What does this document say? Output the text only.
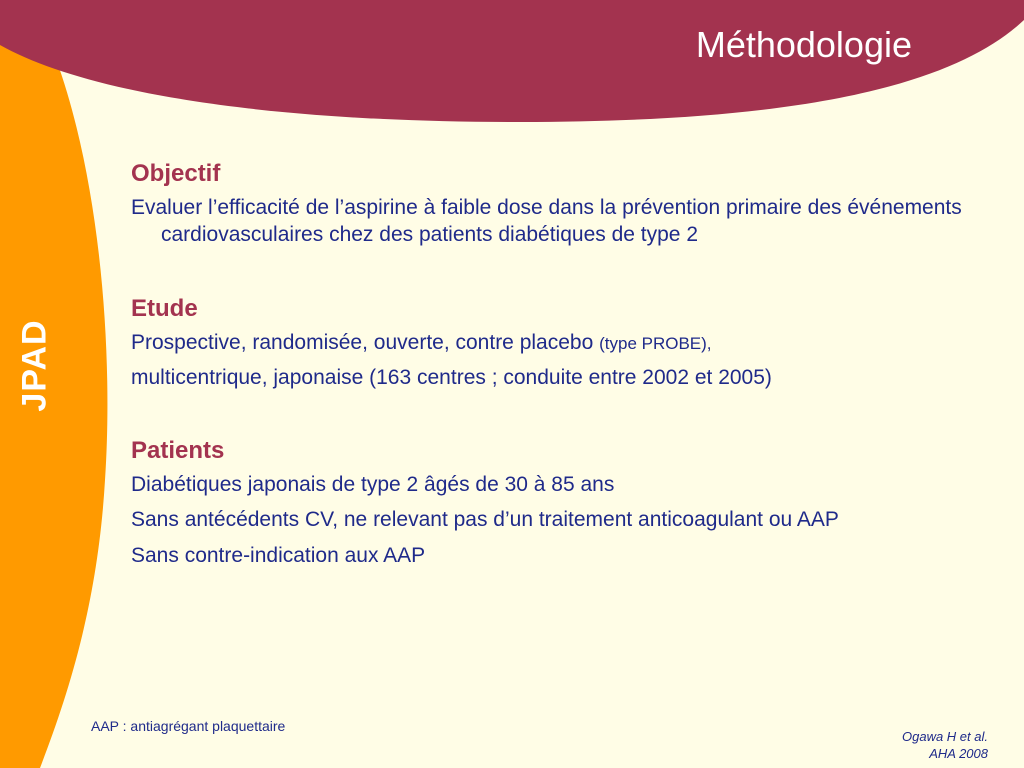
JPAD
Méthodologie
Objectif
Evaluer l’efficacité de l’aspirine à faible dose dans la prévention primaire des événements cardiovasculaires chez des patients diabétiques de type 2
Etude
Prospective, randomisée, ouverte, contre placebo (type PROBE),
multicentrique, japonaise (163 centres ; conduite entre 2002 et 2005)
Patients
Diabétiques japonais de type 2 âgés de 30 à 85 ans
Sans antécédents CV, ne relevant pas d’un traitement anticoagulant ou AAP
Sans contre-indication aux AAP
AAP : antiagrégant plaquettaire
Ogawa H et al.
AHA 2008
